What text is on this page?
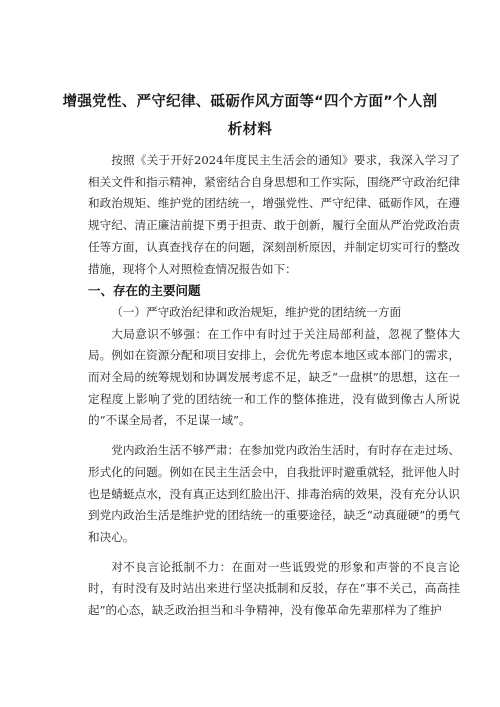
增强党性、严守纪律、砥砺作风方面等“四个方面”个人剖析材料

按照《关于开好2024年度民主生活会的通知》要求，我深入学习了相关文件和指示精神，紧密结合自身思想和工作实际，围绕严守政治纪律和政治规矩、维护党的团结统一，增强党性、严守纪律、砥砺作风，在遵规守纪、清正廉洁前提下勇于担责、敢于创新，履行全面从严治党政治责任等方面，认真查找存在的问题，深刻剖析原因，并制定切实可行的整改措施，现将个人对照检查情况报告如下：

一、存在的主要问题

（一）严守政治纪律和政治规矩，维护党的团结统一方面

大局意识不够强：在工作中有时过于关注局部利益，忽视了整体大局。例如在资源分配和项目安排上，会优先考虑本地区或本部门的需求，而对全局的统筹规划和协调发展考虑不足，缺乏“一盘棋”的思想，这在一定程度上影响了党的团结统一和工作的整体推进，没有做到像古人所说的“不谋全局者，不足谋一域”。

党内政治生活不够严肃：在参加党内政治生活时，有时存在走过场、形式化的问题。例如在民主生活会中，自我批评时避重就轻，批评他人时也是蜻蜓点水，没有真正达到红脸出汗、排毒治病的效果，没有充分认识到党内政治生活是维护党的团结统一的重要途径，缺乏“动真碰硬”的勇气和决心。

对不良言论抵制不力：在面对一些诋毁党的形象和声誉的不良言论时，有时没有及时站出来进行坚决抵制和反驳，存在“事不关己，高高挂起”的心态，缺乏政治担当和斗争精神，没有像革命先辈那样为了维护
